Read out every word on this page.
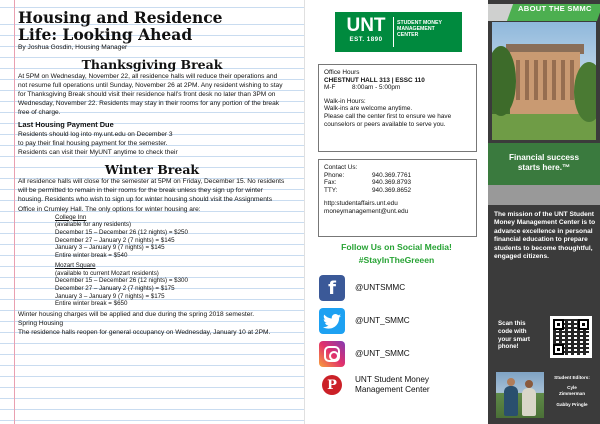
Housing and Residence
Life: Looking Ahead
By Joshua Gosdin, Housing Manager
Thanksgiving Break
At 5PM on Wednesday, November 22, all residence halls will reduce their operations and not resume full operations until Sunday, November 26 at 2PM. Any resident wishing to stay for Thanksgiving Break should visit their residence hall’s front desk no later than 3PM on Wednesday, November 22. Residents may stay in their rooms for any portion of the break free of charge.
Last Housing Payment Due
Residents should log into my.unt.edu on December 3
to pay their final housing payment for the semester.
Residents can visit their MyUNT anytime to check their
Winter Break
All residence halls will close for the semester at 5PM on Friday, December 15. No residents will be permitted to remain in their rooms for the break unless they sign up for winter housing. Residents who wish to sign up for winter housing should visit the Assignments Office in Crumley Hall. The only options for winter housing are:
College Inn
(available for any residents)
December 15 – December 26 (12 nights) = $250
December 27 – January 2 (7 nights) = $145
January 3 – January 9 (7 nights) = $145
Entire winter break = $540
Mozart Square
(available to current Mozart residents)
December 15 – December 26 (12 nights) = $300
December 27 – January 2 (7 nights) = $175
January 3 – January 9 (7 nights) = $175
Entire winter break = $650
Winter housing charges will be applied and due during the spring 2018 semester.
Spring Housing
The residence halls reopen for general occupancy on Wednesday, January 10 at 2PM.
UNT
EST. 1890
STUDENT MONEY
MANAGEMENT
CENTER
Office Hours
CHESTNUT HALL 313 | ESSC 110
M-F	8:00am - 5:00pm
Walk-in Hours:
Walk-ins are welcome anytime.
Please call the center first to ensure we have
counselors or peers available to serve you.
Contact Us:
Phone:	940.369.7761
Fax:	940.369.8793
TTY:	940.369.8652
http:studentaffairs.unt.edu
moneymanagement@unt.edu
Follow Us on Social Media!
#StayInTheGreeen
f	@UNTSMMC
@UNT_SMMC
@UNT_SMMC
P	UNT Student Money
Management Center
ABOUT THE SMMC
Financial success
starts here.™
The mission of the UNT Student Money Management Center is to advance excellence in personal financial education to prepare students to become thoughtful, engaged citizens.
Scan this
code with
your smart
phone!
Student Editors:
Cyle
Zimmerman
Gabby Pringle
